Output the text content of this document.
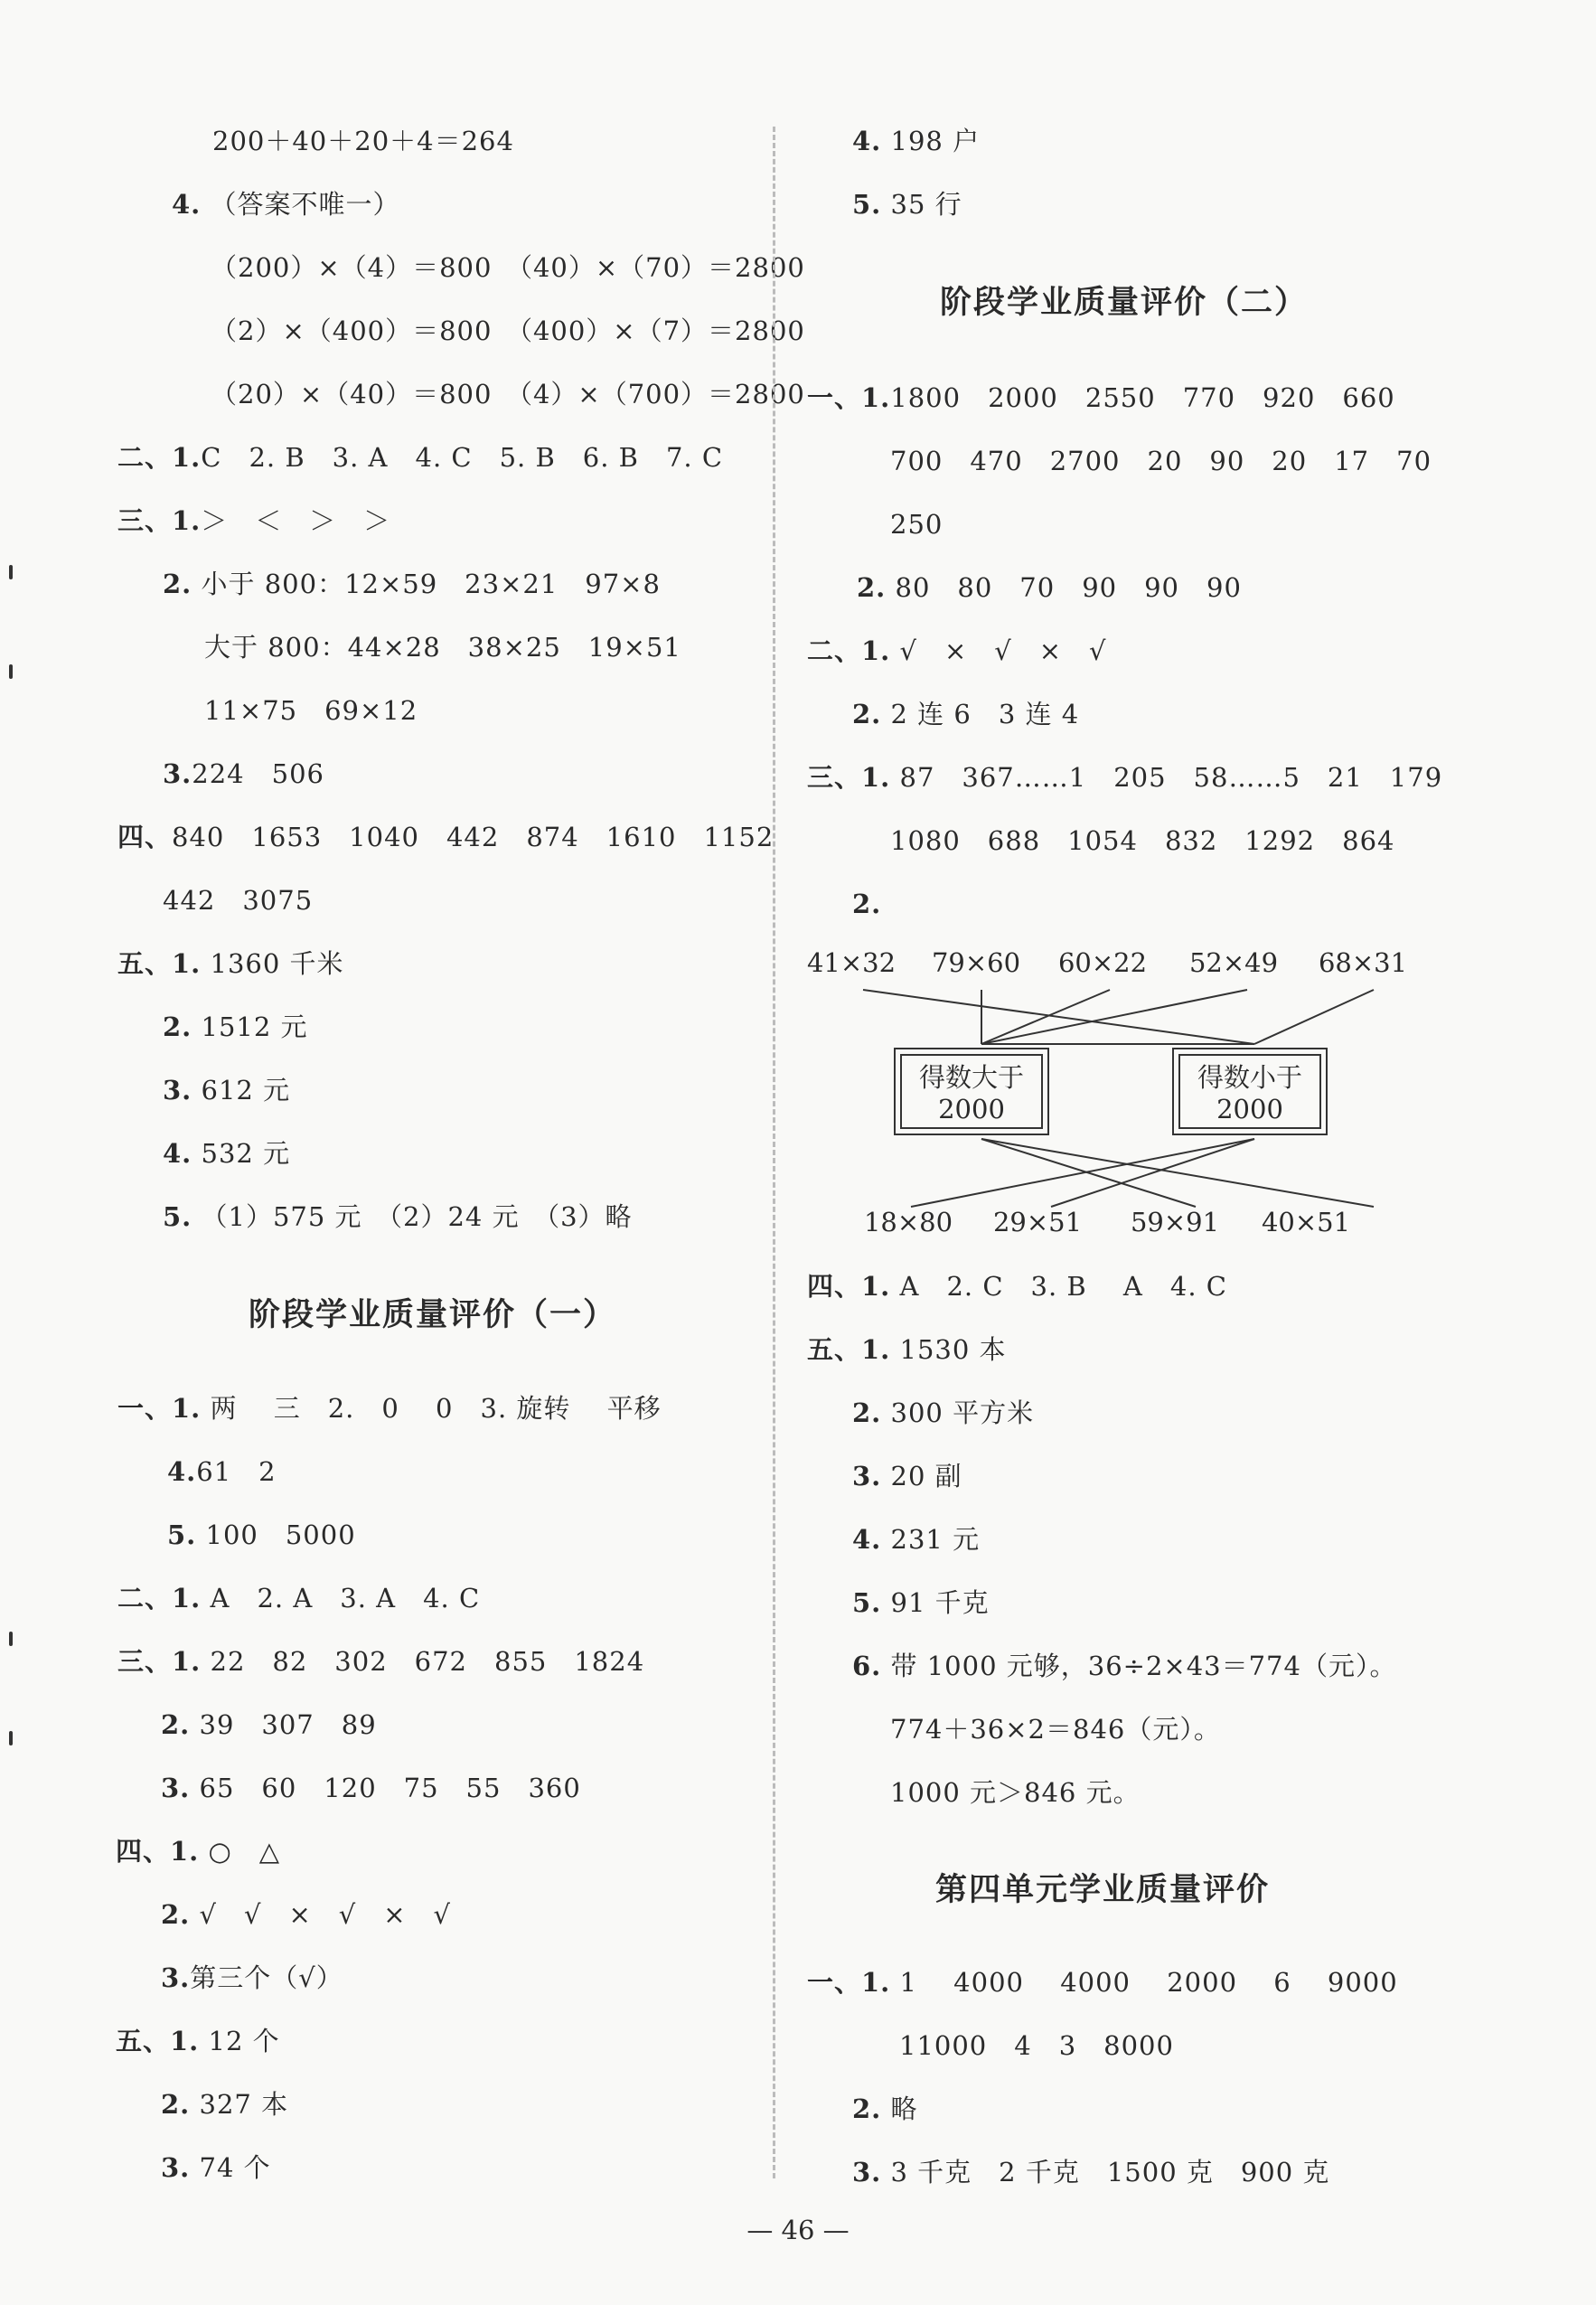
200＋40＋20＋4＝264
4. （答案不唯一）
（200）×（4）＝800　（40）×（70）＝2800
（2）×（400）＝800　（400）×（7）＝2800
（20）×（40）＝800　（4）×（700）＝2800
二、1.C　2. B　3. A　4. C　5. B　6. B　7. C
三、1.＞　＜　＞　＞
2. 小于 800：12×59　23×21　97×8
大于 800：44×28　38×25　19×51
11×75　69×12
3.224　506
四、840　1653　1040　442　874　1610　1152
442　3075
五、1. 1360 千米
2. 1512 元
3. 612 元
4. 532 元
5. （1）575 元　（2）24 元　（3）略
阶段学业质量评价（一）
一、1. 两　 三　2.　0　 0　3. 旋转　 平移
4.61　2
5. 100　5000
二、1. A　2. A　3. A　4. C
三、1. 22　82　302　672　855　1824
2. 39　307　89
3. 65　60　120　75　55　360
四、1. ○　△
2. √　√　×　√　×　√
3.第三个（√）
五、1. 12 个
2. 327 本
3. 74 个
4. 198 户
5. 35 行
阶段学业质量评价（二）
一、1.1800　2000　2550　770　920　660
700　470　2700　20　90　20　17　70
250
2. 80　80　70　90　90　90
二、1. √　×　√　×　√
2. 2 连 6　3 连 4
三、1. 87　367……1　205　58……5　21　179
1080　688　1054　832　1292　864
2.
得数大于
2000
得数小于
2000
41×32 79×60 60×22 52×49 68×31
18×80 29×51 59×91 40×51
四、1. A　2. C　3. B　 A　4. C
五、1. 1530 本
2. 300 平方米
3. 20 副
4. 231 元
5. 91 千克
6. 带 1000 元够，36÷2×43＝774（元）。
774＋36×2＝846（元）。
1000 元＞846 元。
第四单元学业质量评价
一、1. 1　 4000　 4000　 2000　 6　 9000
11000　4　3　8000
2. 略
3. 3 千克　2 千克　1500 克　900 克
— 46 —
